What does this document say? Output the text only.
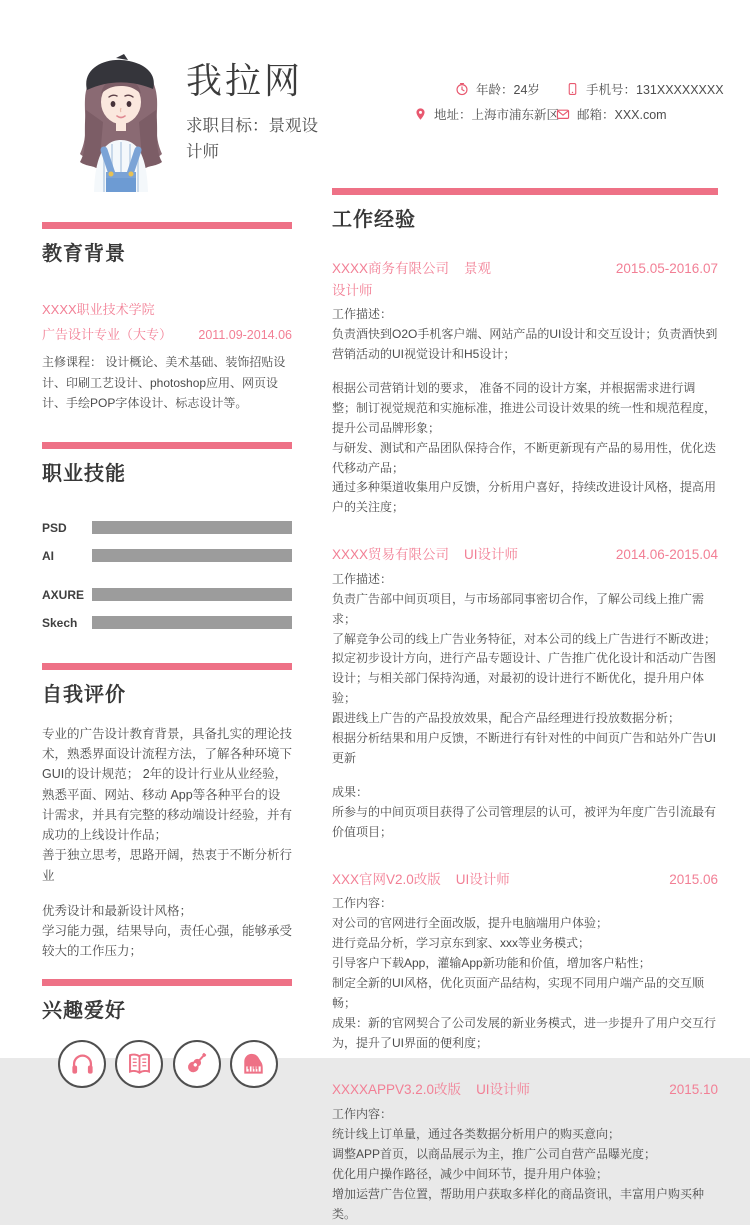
我拉网
求职目标：景观设计师
年龄：24岁	手机号：131XXXXXXXX
地址：上海市浦东新区 邮箱：XXX.com
教育背景
XXXX职业技术学院
广告设计专业（大专） 2011.09-2014.06
主修课程： 设计概论、美术基础、装饰招贴设计、印刷工艺设计、photoshop应用、网页设计、手绘POP字体设计、标志设计等。
职业技能
PSD
AI
AXURE
Skech
自我评价
专业的广告设计教育背景，具备扎实的理论技术，熟悉界面设计流程方法，了解各种环境下GUI的设计规范； 2年的设计行业从业经验，熟悉平面、网站、移动 App等各种平台的设计需求，并具有完整的移动端设计经验，并有成功的上线设计作品；
善于独立思考，思路开阔，热衷于不断分析行业
优秀设计和最新设计风格；
学习能力强，结果导向，责任心强，能够承受较大的工作压力；
兴趣爱好
工作经验
XXXX商务有限公司 景观设计师
2015.05-2016.07
工作描述：
负责酒快到O2O手机客户端、网站产品的UI设计和交互设计；负责酒快到营销活动的UI视觉设计和H5设计；
根据公司营销计划的要求， 准备不同的设计方案，并根据需求进行调整；制订视觉规范和实施标准，推进公司设计效果的统一性和规范程度，提升公司品牌形象；
与研发、测试和产品团队保持合作，不断更新现有产品的易用性，优化迭代移动产品；
通过多种渠道收集用户反馈，分析用户喜好，持续改进设计风格，提高用户的关注度；
XXXX贸易有限公司 UI设计师	2014.06-2015.04
工作描述：
负责广告部中间页项目，与市场部同事密切合作，了解公司线上推广需求；
了解竞争公司的线上广告业务特征，对本公司的线上广告进行不断改进；
拟定初步设计方向，进行产品专题设计、广告推广优化设计和活动广告图设计；与相关部门保持沟通，对最初的设计进行不断优化，提升用户体验；
跟进线上广告的产品投放效果，配合产品经理进行投放数据分析；
根据分析结果和用户反馈，不断进行有针对性的中间页广告和站外广告UI更新
成果：
所参与的中间页项目获得了公司管理层的认可，被评为年度广告引流最有价值项目；
XXX官网V2.0改版 UI设计师	2015.06
工作内容：
对公司的官网进行全面改版，提升电脑端用户体验；
进行竞品分析，学习京东到家、xxx等业务模式；
引导客户下载App，灌输App新功能和价值，增加客户粘性；
制定全新的UI风格，优化页面产品结构，实现不同用户端产品的交互顺畅；
成果：新的官网契合了公司发展的新业务模式，进一步提升了用户交互行为，提升了UI界面的便利度；
XXXXAPPV3.2.0改版 UI设计师	2015.10
工作内容：
统计线上订单量，通过各类数据分析用户的购买意向；
调整APP首页，以商品展示为主，推广公司自营产品曝光度；
优化用户操作路径，减少中间环节，提升用户体验；
增加运营广告位置，帮助用户获取多样化的商品资讯，丰富用户购买种类。
